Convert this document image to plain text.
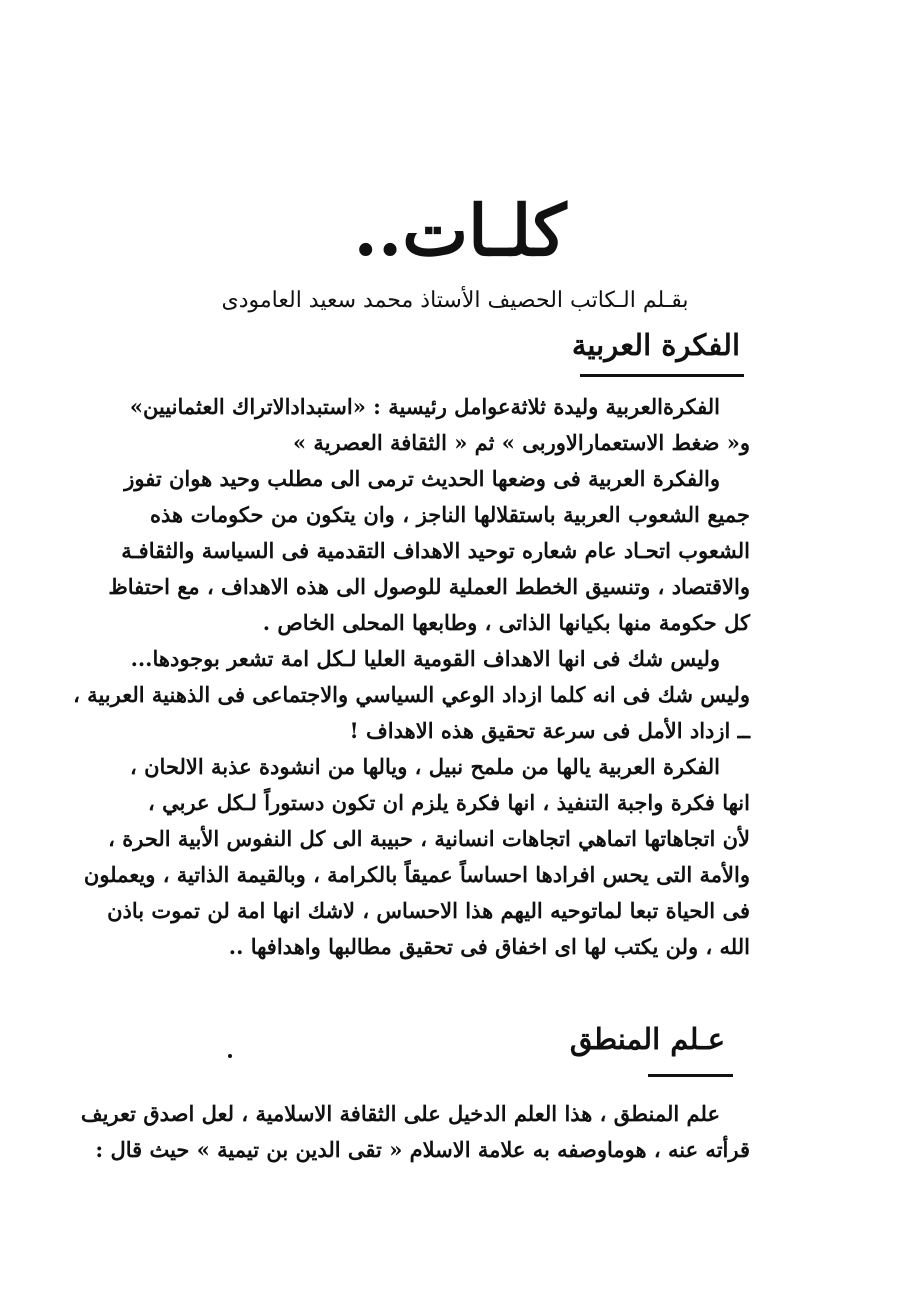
كلـات..
بقـلم الـكاتب الحصيف الأستاذ محمد سعيد العامودى
الفكرة العربية
الفكرةالعربية وليدة ثلاثةعوامل رئيسية : «استبدادالاتراك العثمانيين»
و« ضغط الاستعمارالاوربى » ثم « الثقافة العصرية »
والفكرة العربية فى وضعها الحديث ترمى الى مطلب وحيد هوان تفوز
جميع الشعوب العربية باستقلالها الناجز ، وان يتكون من حكومات هذه
الشعوب اتحـاد عام شعاره توحيد الاهداف التقدمية فى السياسة والثقافـة
والاقتصاد ، وتنسيق الخطط العملية للوصول الى هذه الاهداف ، مع احتفاظ
كل حكومة منها بكيانها الذاتى ، وطابعها المحلى الخاص .
وليس شك فى انها الاهداف القومية العليا لـكل امة تشعر بوجودها...
وليس شك فى انه كلما ازداد الوعي السياسي والاجتماعى فى الذهنية العربية ،
ــ ازداد الأمل فى سرعة تحقيق هذه الاهداف !
الفكرة العربية يالها من ملمح نبيل ، ويالها من انشودة عذبة الالحان ،
انها فكرة واجبة التنفيذ ، انها فكرة يلزم ان تكون دستوراً لـكل عربي ،
لأن اتجاهاتها اتماهي اتجاهات انسانية ، حبيبة الى كل النفوس الأبية الحرة ،
والأمة التى يحس افرادها احساساً عميقاً بالكرامة ، وبالقيمة الذاتية ، ويعملون
فى الحياة تبعا لماتوحيه اليهم هذا الاحساس ، لاشك انها امة لن تموت باذن
الله ، ولن يكتب لها اى اخفاق فى تحقيق مطالبها واهدافها ..
عـلم المنطق
علم المنطق ، هذا العلم الدخيل على الثقافة الاسلامية ، لعل اصدق تعريف
قرأته عنه ، هوماوصفه به علامة الاسلام « تقى الدين بن تيمية » حيث قال :
